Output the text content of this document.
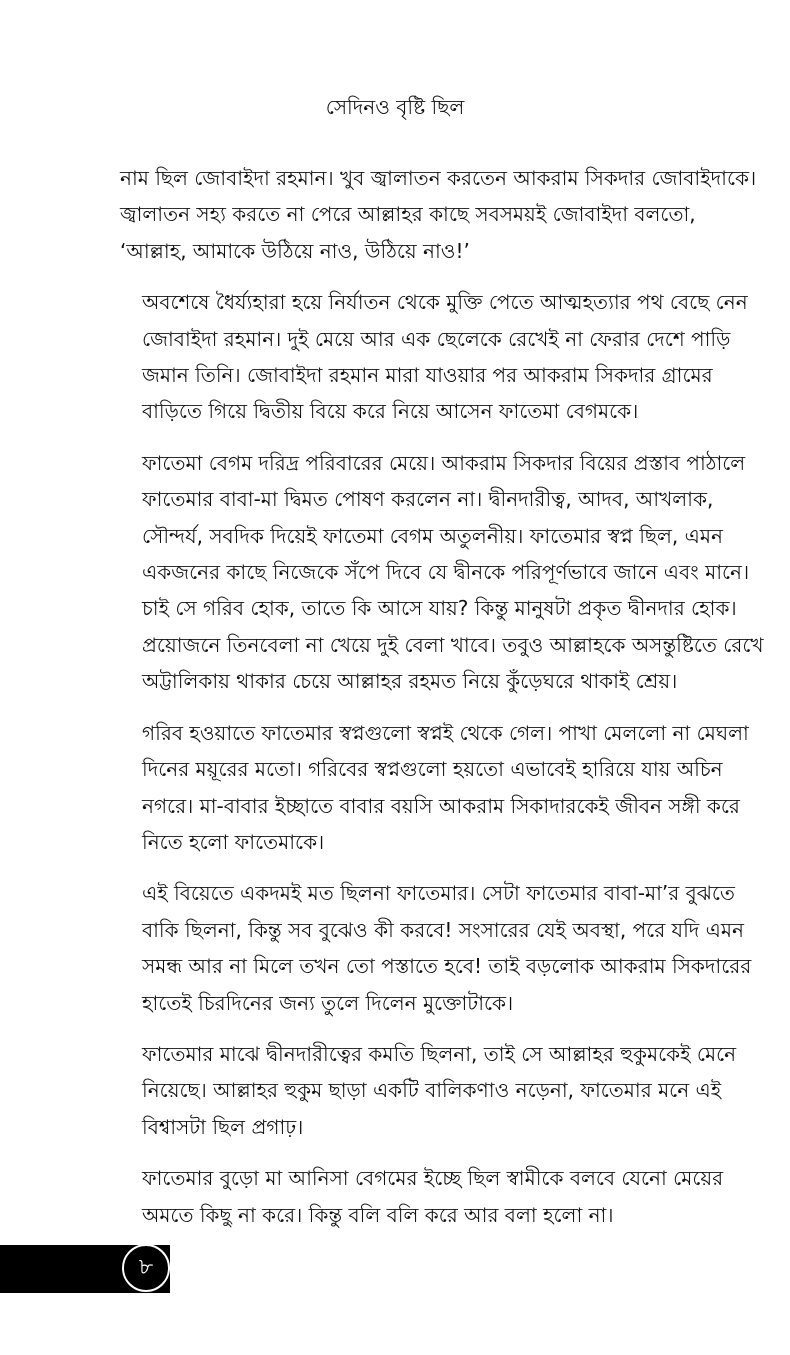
সেদিনও বৃষ্টি ছিল

নাম ছিল জোবাইদা রহমান। খুব জ্বালাতন করতেন আকরাম সিকদার জোবাইদাকে।
জ্বালাতন সহ্য করতে না পেরে আল্লাহর কাছে সবসময়ই জোবাইদা বলতো,
‘আল্লাহ, আমাকে উঠিয়ে নাও, উঠিয়ে নাও!’

অবশেষে ধৈর্য্যহারা হয়ে নির্যাতন থেকে মুক্তি পেতে আত্মহত্যার পথ বেছে নেন
জোবাইদা রহমান। দুই মেয়ে আর এক ছেলেকে রেখেই না ফেরার দেশে পাড়ি
জমান তিনি। জোবাইদা রহমান মারা যাওয়ার পর আকরাম সিকদার গ্রামের
বাড়িতে গিয়ে দ্বিতীয় বিয়ে করে নিয়ে আসেন ফাতেমা বেগমকে।

ফাতেমা বেগম দরিদ্র পরিবারের মেয়ে। আকরাম সিকদার বিয়ের প্রস্তাব পাঠালে
ফাতেমার বাবা-মা দ্বিমত পোষণ করলেন না। দ্বীনদারীত্ব, আদব, আখলাক,
সৌন্দর্য, সবদিক দিয়েই ফাতেমা বেগম অতুলনীয়। ফাতেমার স্বপ্ন ছিল, এমন
একজনের কাছে নিজেকে সঁপে দিবে যে দ্বীনকে পরিপূর্ণভাবে জানে এবং মানে।
চাই সে গরিব হোক, তাতে কি আসে যায়? কিন্তু মানুষটা প্রকৃত দ্বীনদার হোক।
প্রয়োজনে তিনবেলা না খেয়ে দুই বেলা খাবে। তবুও আল্লাহকে অসন্তুষ্টিতে রেখে
অট্টালিকায় থাকার চেয়ে আল্লাহর রহমত নিয়ে কুঁড়েঘরে থাকাই শ্রেয়।

গরিব হওয়াতে ফাতেমার স্বপ্নগুলো স্বপ্নই থেকে গেল। পাখা মেললো না মেঘলা
দিনের ময়ূরের মতো। গরিবের স্বপ্নগুলো হয়তো এভাবেই হারিয়ে যায় অচিন
নগরে। মা-বাবার ইচ্ছাতে বাবার বয়সি আকরাম সিকাদারকেই জীবন সঙ্গী করে
নিতে হলো ফাতেমাকে।

এই বিয়েতে একদমই মত ছিলনা ফাতেমার। সেটা ফাতেমার বাবা-মা’র বুঝতে
বাকি ছিলনা, কিন্তু সব বুঝেও কী করবে! সংসারের যেই অবস্থা, পরে যদি এমন
সমন্ধ আর না মিলে তখন তো পস্তাতে হবে! তাই বড়লোক আকরাম সিকদারের
হাতেই চিরদিনের জন্য তুলে দিলেন মুক্তোটাকে।

ফাতেমার মাঝে দ্বীনদারীত্বের কমতি ছিলনা, তাই সে আল্লাহর হুকুমকেই মেনে
নিয়েছে। আল্লাহর হুকুম ছাড়া একটি বালিকণাও নড়েনা, ফাতেমার মনে এই
বিশ্বাসটা ছিল প্রগাঢ়।

ফাতেমার বুড়ো মা আনিসা বেগমের ইচ্ছে ছিল স্বামীকে বলবে যেনো মেয়ের
অমতে কিছু না করে। কিন্তু বলি বলি করে আর বলা হলো না।

৮
